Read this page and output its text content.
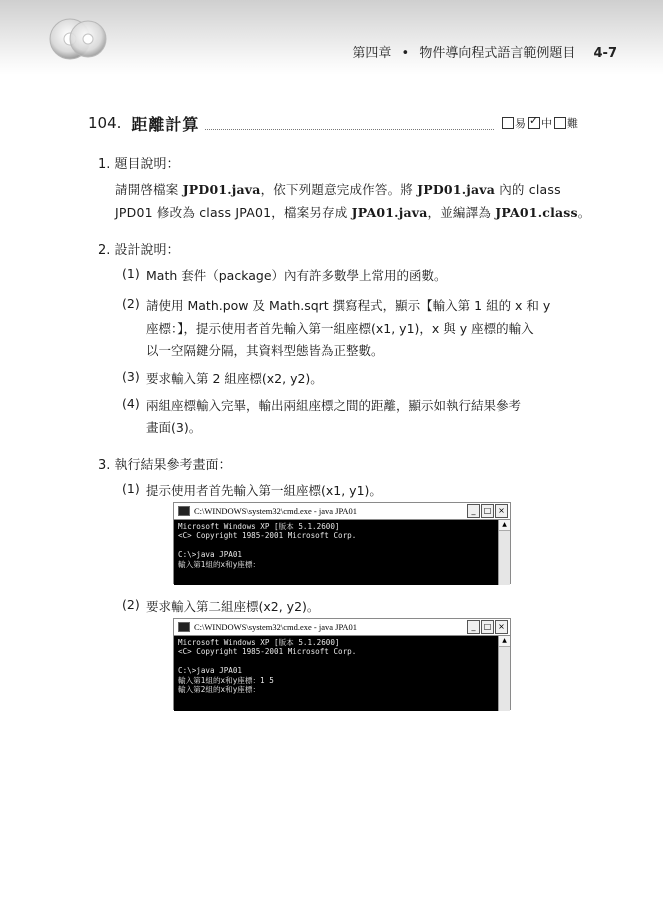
第四章 • 物件導向程式語言範例題目 4-7
104. 距離計算	易
✓ 中 難
1. 題目說明：
請開啓檔案 JPD01.java，依下列題意完成作答。將 JPD01.java 內的 class
JPD01 修改為 class JPA01，檔案另存成 JPA01.java，並編譯為 JPA01.class。
2. 設計說明：
(1) Math 套件（package）內有許多數學上常用的函數。
(2) 請使用 Math.pow 及 Math.sqrt 撰寫程式，顯示【輸入第 1 組的 x 和 y
座標：】，提示使用者首先輸入第一組座標(x1, y1)，x 與 y 座標的輸入
以一空隔鍵分隔，其資料型態皆為正整數。
(3) 要求輸入第 2 組座標(x2, y2)。
(4) 兩組座標輸入完畢，輸出兩組座標之間的距離，顯示如執行結果參考
畫面(3)。
3. 執行結果參考畫面：
(1) 提示使用者首先輸入第一組座標(x1, y1)。
C:\WINDOWS\system32\cmd.exe - java JPA01	_	□ ×
Microsoft Windows XP [版本 5.1.2600]
<C> Copyright 1985-2001 Microsoft Corp.
C:\>java JPA01
輸入第1組的x和y座標：
▲
(2) 要求輸入第二組座標(x2, y2)。
C:\WINDOWS\system32\cmd.exe - java JPA01	_	□ ×
Microsoft Windows XP [版本 5.1.2600]
<C> Copyright 1985-2001 Microsoft Corp.
C:\>java JPA01
輸入第1組的x和y座標：1 5
輸入第2組的x和y座標：
▲
